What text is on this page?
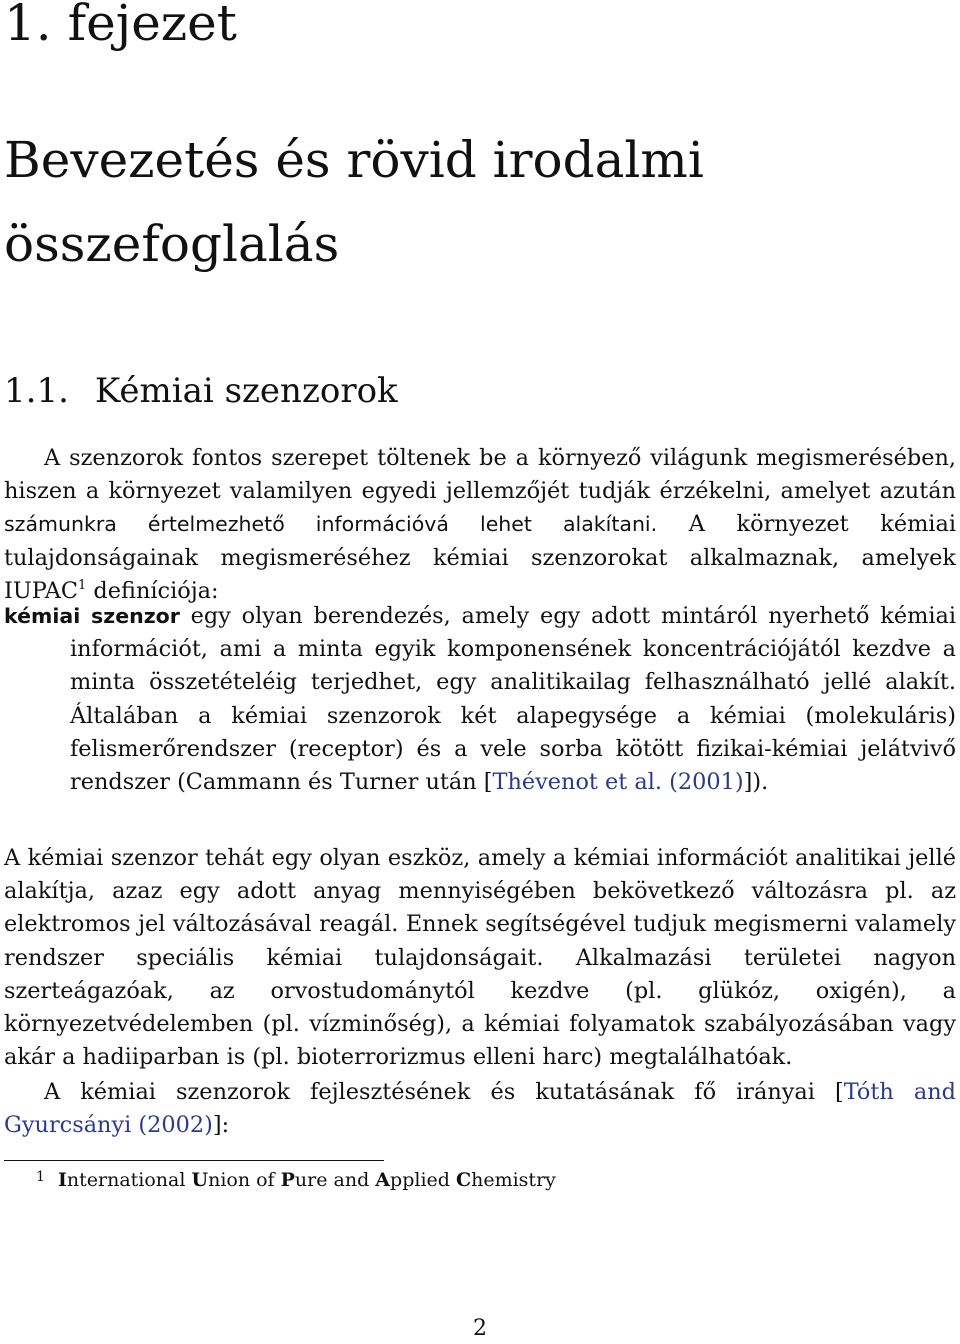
1. fejezet
Bevezetés és rövid irodalmi összefoglalás
1.1. Kémiai szenzorok

A szenzorok fontos szerepet töltenek be a környező világunk megismerésében, hiszen a környezet valamilyen egyedi jellemzőjét tudják érzékelni, amelyet azután számunkra értelmezhető információvá lehet alakítani. A környezet kémiai tulajdonságainak megismeréséhez kémiai szenzorokat alkalmaznak, amelyek IUPAC$^1$ definíciója:

kémiai szenzor egy olyan berendezés, amely egy adott mintáról nyerhető kémiai információt, ami a minta egyik komponensének koncentrációjától kezdve a minta összetételéig terjedhet, egy analitikailag felhasználható jellé alakít. Általában a kémiai szenzorok két alapegysége a kémiai (molekuláris) felismerőrendszer (receptor) és a vele sorba kötött fizikai-kémiai jelátvivő rendszer (Cammann és Turner után [Thévenot et al. (2001)]).

A kémiai szenzor tehát egy olyan eszköz, amely a kémiai információt analitikai jellé alakítja, azaz egy adott anyag mennyiségében bekövetkező változásra pl. az elektromos jel változásával reagál. Ennek segítségével tudjuk megismerni valamely rendszer speciális kémiai tulajdonságait. Alkalmazási területei nagyon szerteágazóak, az orvostudománytól kezdve (pl. glükóz, oxigén), a környezetvédelemben (pl. vízminőség), a kémiai folyamatok szabályozásában vagy akár a hadiiparban is (pl. bioterrorizmus elleni harc) megtalálhatóak.

A kémiai szenzorok fejlesztésének és kutatásának fő irányai [Tóth and Gyurcsányi (2002)]:

1 International Union of Pure and Applied Chemistry

2
